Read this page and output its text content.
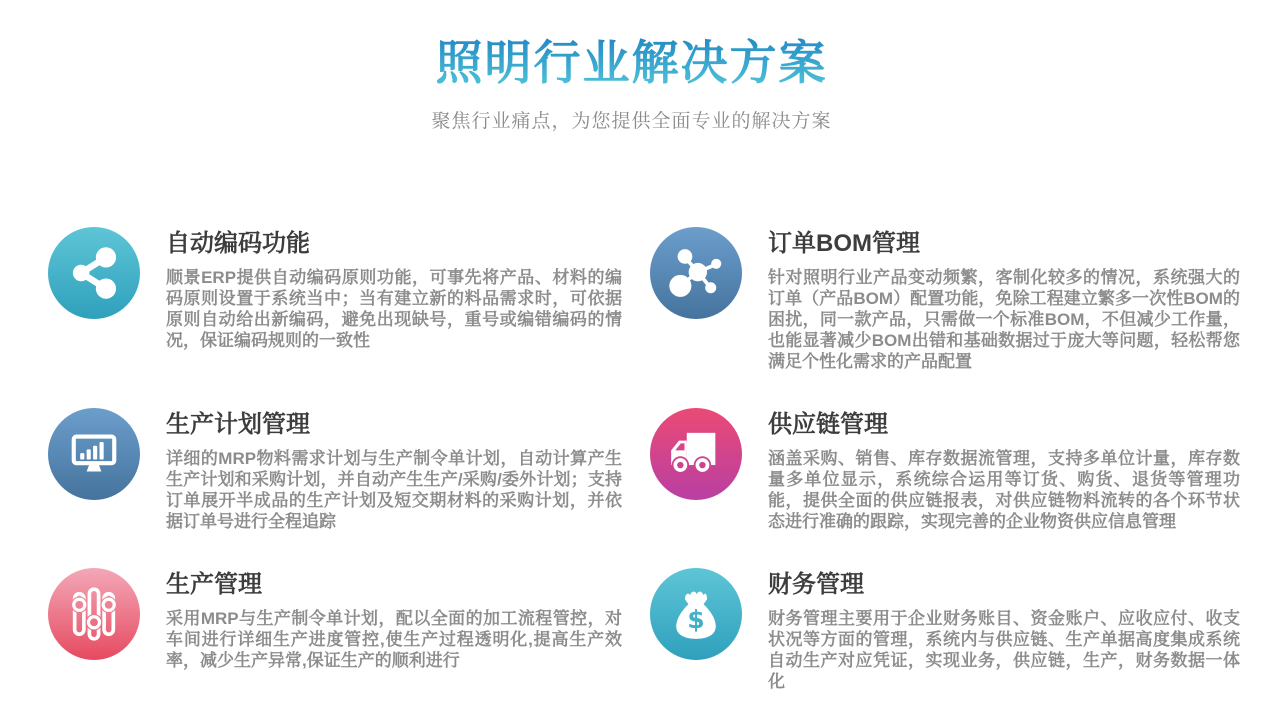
照明行业解决方案

聚焦行业痛点，为您提供全面专业的解决方案

自动编码功能

顺景ERP提供自动编码原则功能，可事先将产品、材料的编码原则设置于系统当中；当有建立新的料品需求时，可依据原则自动给出新编码，避免出现缺号，重号或编错编码的情况，保证编码规则的一致性

订单BOM管理

针对照明行业产品变动频繁，客制化较多的情况，系统强大的订单（产品BOM）配置功能，免除工程建立繁多一次性BOM的困扰，同一款产品，只需做一个标准BOM，不但减少工作量，也能显著减少BOM出错和基础数据过于庞大等问题，轻松帮您满足个性化需求的产品配置

生产计划管理

详细的MRP物料需求计划与生产制令单计划，自动计算产生生产计划和采购计划，并自动产生生产/采购/委外计划；支持订单展开半成品的生产计划及短交期材料的采购计划，并依据订单号进行全程追踪

供应链管理

涵盖采购、销售、库存数据流管理，支持多单位计量，库存数量多单位显示，系统综合运用等订货、购货、退货等管理功能，提供全面的供应链报表，对供应链物料流转的各个环节状态进行准确的跟踪，实现完善的企业物资供应信息管理

生产管理

采用MRP与生产制令单计划，配以全面的加工流程管控，对车间进行详细生产进度管控,使生产过程透明化,提高生产效率，减少生产异常,保证生产的顺利进行

$
财务管理

财务管理主要用于企业财务账目、资金账户、应收应付、收支状况等方面的管理，系统内与供应链、生产单据高度集成系统自动生产对应凭证，实现业务，供应链，生产，财务数据一体化
